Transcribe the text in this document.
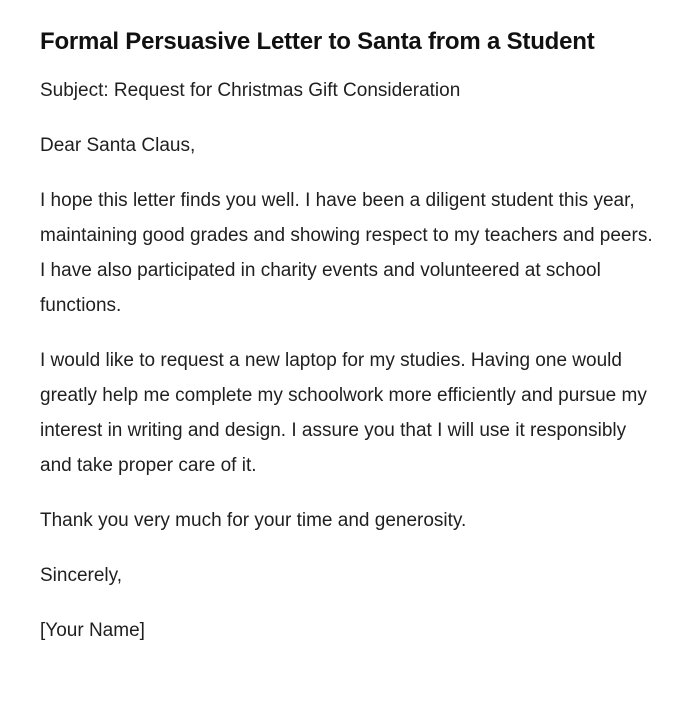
Formal Persuasive Letter to Santa from a Student

Subject: Request for Christmas Gift Consideration

Dear Santa Claus,

I hope this letter finds you well. I have been a diligent student this year, maintaining good grades and showing respect to my teachers and peers. I have also participated in charity events and volunteered at school functions.

I would like to request a new laptop for my studies. Having one would greatly help me complete my schoolwork more efficiently and pursue my interest in writing and design. I assure you that I will use it responsibly and take proper care of it.

Thank you very much for your time and generosity.

Sincerely,

[Your Name]
